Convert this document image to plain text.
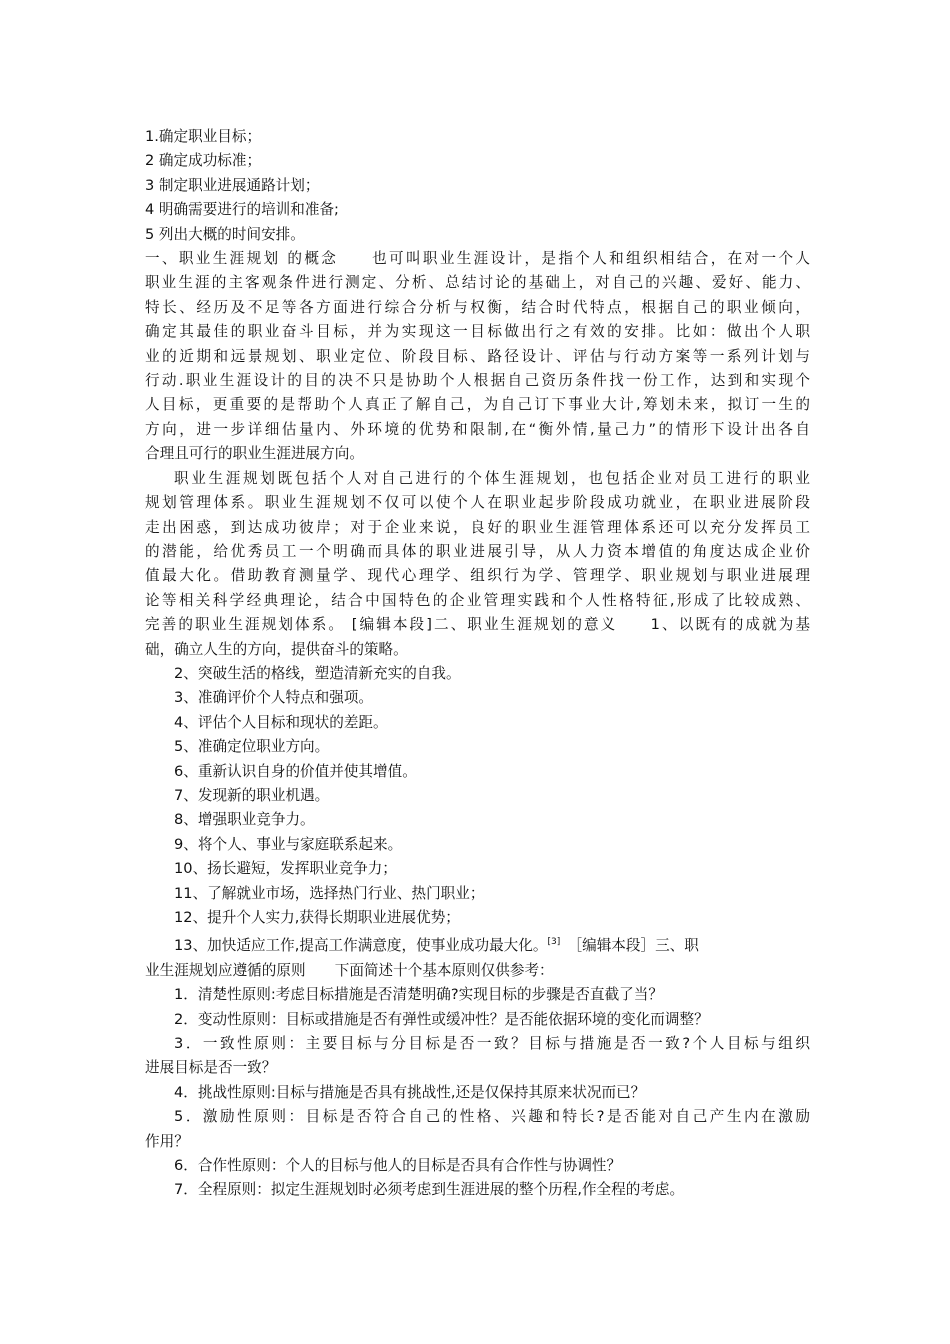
1.确定职业目标；
2 确定成功标准；
3 制定职业进展通路计划；
4 明确需要进行的培训和准备;
5 列出大概的时间安排。
一、职业生涯规划 的概念　　也可叫职业生涯设计，是指个人和组织相结合，在对一个人
职业生涯的主客观条件进行测定、分析、总结讨论的基础上，对自己的兴趣、爱好、能力、
特长、经历及不足等各方面进行综合分析与权衡，结合时代特点，根据自己的职业倾向，
确定其最佳的职业奋斗目标，并为实现这一目标做出行之有效的安排。比如：做出个人职
业的近期和远景规划、职业定位、阶段目标、路径设计、评估与行动方案等一系列计划与
行动.职业生涯设计的目的决不只是协助个人根据自己资历条件找一份工作，达到和实现个
人目标，更重要的是帮助个人真正了解自己，为自己订下事业大计,筹划未来，拟订一生的
方向，进一步详细估量内、外环境的优势和限制,在“衡外情,量己力”的情形下设计出各自
合理且可行的职业生涯进展方向。
职业生涯规划既包括个人对自己进行的个体生涯规划，也包括企业对员工进行的职业
规划管理体系。职业生涯规划不仅可以使个人在职业起步阶段成功就业，在职业进展阶段
走出困惑，到达成功彼岸；对于企业来说，良好的职业生涯管理体系还可以充分发挥员工
的潜能，给优秀员工一个明确而具体的职业进展引导，从人力资本增值的角度达成企业价
值最大化。借助教育测量学、现代心理学、组织行为学、管理学、职业规划与职业进展理
论等相关科学经典理论，结合中国特色的企业管理实践和个人性格特征,形成了比较成熟、
完善的职业生涯规划体系。 [编辑本段]二、职业生涯规划的意义　　1、以既有的成就为基
础，确立人生的方向，提供奋斗的策略。
2、突破生活的格线，塑造清新充实的自我。
3、准确评价个人特点和强项。
4、评估个人目标和现状的差距。
5、准确定位职业方向。
6、重新认识自身的价值并使其增值。
7、发现新的职业机遇。
8、增强职业竞争力。
9、将个人、事业与家庭联系起来。
10、扬长避短，发挥职业竞争力；
11、了解就业市场，选择热门行业、热门职业；
12、提升个人实力,获得长期职业进展优势；
13、加快适应工作,提高工作满意度，使事业成功最大化。[3]　［编辑本段］三、职
业生涯规划应遵循的原则　　下面简述十个基本原则仅供参考：
1．清楚性原则:考虑目标措施是否清楚明确?实现目标的步骤是否直截了当？
2．变动性原则：目标或措施是否有弹性或缓冲性？是否能依据环境的变化而调整？
3．一致性原则：主要目标与分目标是否一致？目标与措施是否一致?个人目标与组织
进展目标是否一致？
4．挑战性原则:目标与措施是否具有挑战性,还是仅保持其原来状况而已？
5．激励性原则：目标是否符合自己的性格、兴趣和特长?是否能对自己产生内在激励
作用？
6．合作性原则：个人的目标与他人的目标是否具有合作性与协调性？
7．全程原则：拟定生涯规划时必须考虑到生涯进展的整个历程,作全程的考虑。
